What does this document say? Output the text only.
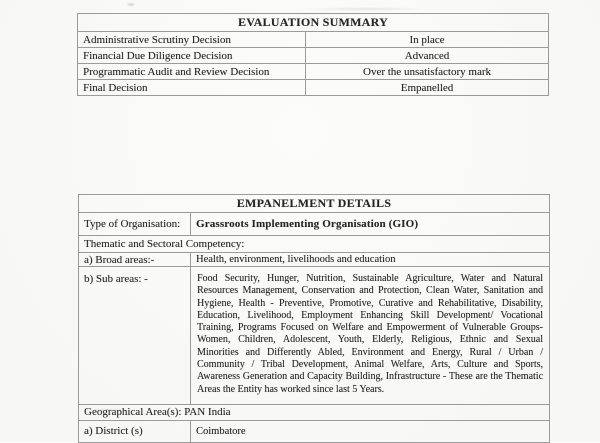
EVALUATION SUMMARY	
Administrative Scrutiny Decision	In place
Financial Due Diligence Decision	Advanced
Programmatic Audit and Review Decision	Over the unsatisfactory mark
Final Decision	Empanelled
EMPANELMENT DETAILS	
Type of Organisation:	Grassroots Implementing Organisation (GIO)
Thematic and Sectoral Competency:	
a) Broad areas:-	Health, environment, livelihoods and education
b) Sub areas: -	Food Security, Hunger, Nutrition, Sustainable Agriculture, Water and Natural Resources Management, Conservation and Protection, Clean Water, Sanitation and Hygiene, Health - Preventive, Promotive, Curative and Rehabilitative, Disability, Education, Livelihood, Employment Enhancing Skill Development/ Vocational Training, Programs Focused on Welfare and Empowerment of Vulnerable Groups- Women, Children, Adolescent, Youth, Elderly, Religious, Ethnic and Sexual Minorities and Differently Abled, Environment and Energy, Rural / Urban / Community / Tribal Development, Animal Welfare, Arts, Culture and Sports, Awareness Generation and Capacity Building, Infrastructure - These are the Thematic Areas the Entity has worked since last 5 Years.
Geographical Area(s): PAN India	
a) District (s)	Coimbatore
